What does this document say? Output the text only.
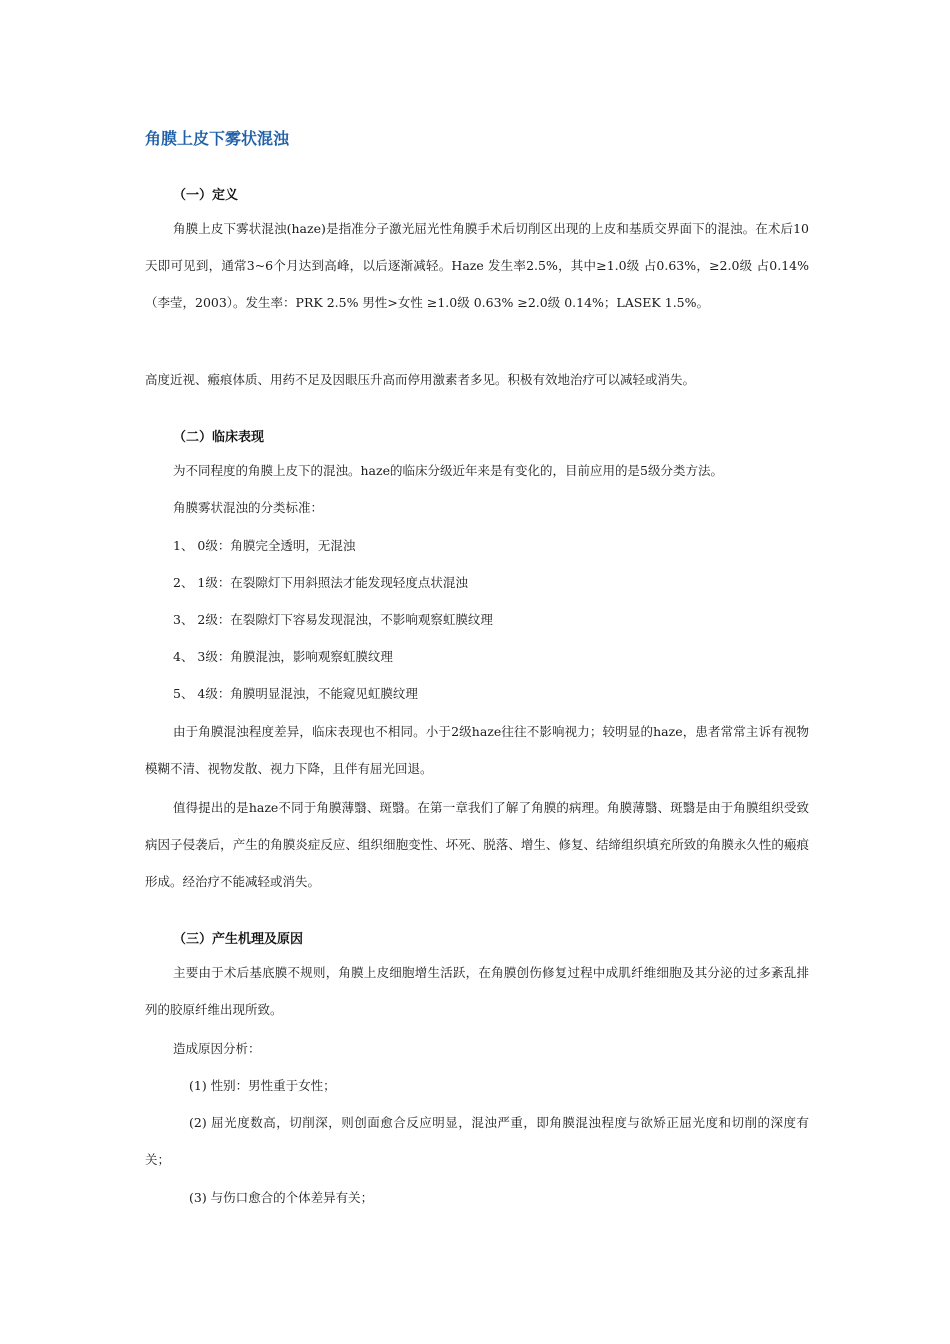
角膜上皮下雾状混浊
（一）定义

角膜上皮下雾状混浊(haze)是指准分子激光屈光性角膜手术后切削区出现的上皮和基质交界面下的混浊。在术后10天即可见到，通常3~6个月达到高峰，以后逐渐减轻。Haze 发生率2.5%，其中≥1.0级 占0.63%，≥2.0级 占0.14%（李莹，2003）。发生率：PRK 2.5% 男性>女性 ≥1.0级 0.63% ≥2.0级 0.14%；LASEK 1.5%。

高度近视、瘢痕体质、用药不足及因眼压升高而停用激素者多见。积极有效地治疗可以减轻或消失。

（二）临床表现

为不同程度的角膜上皮下的混浊。haze的临床分级近年来是有变化的，目前应用的是5级分类方法。

角膜雾状混浊的分类标准：

1、 0级：角膜完全透明，无混浊
2、 1级：在裂隙灯下用斜照法才能发现轻度点状混浊
3、 2级：在裂隙灯下容易发现混浊，不影响观察虹膜纹理
4、 3级：角膜混浊，影响观察虹膜纹理
5、 4级：角膜明显混浊，不能窥见虹膜纹理

由于角膜混浊程度差异，临床表现也不相同。小于2级haze往往不影响视力；较明显的haze，患者常常主诉有视物模糊不清、视物发散、视力下降，且伴有屈光回退。

值得提出的是haze不同于角膜薄翳、斑翳。在第一章我们了解了角膜的病理。角膜薄翳、斑翳是由于角膜组织受致病因子侵袭后，产生的角膜炎症反应、组织细胞变性、坏死、脱落、增生、修复、结缔组织填充所致的角膜永久性的瘢痕形成。经治疗不能减轻或消失。

（三）产生机理及原因

主要由于术后基底膜不规则，角膜上皮细胞增生活跃，在角膜创伤修复过程中成肌纤维细胞及其分泌的过多紊乱排列的胶原纤维出现所致。

造成原因分析：

(1) 性别：男性重于女性；

(2) 屈光度数高，切削深，则创面愈合反应明显，混浊严重，即角膜混浊程度与欲矫正屈光度和切削的深度有关；

(3) 与伤口愈合的个体差异有关；
